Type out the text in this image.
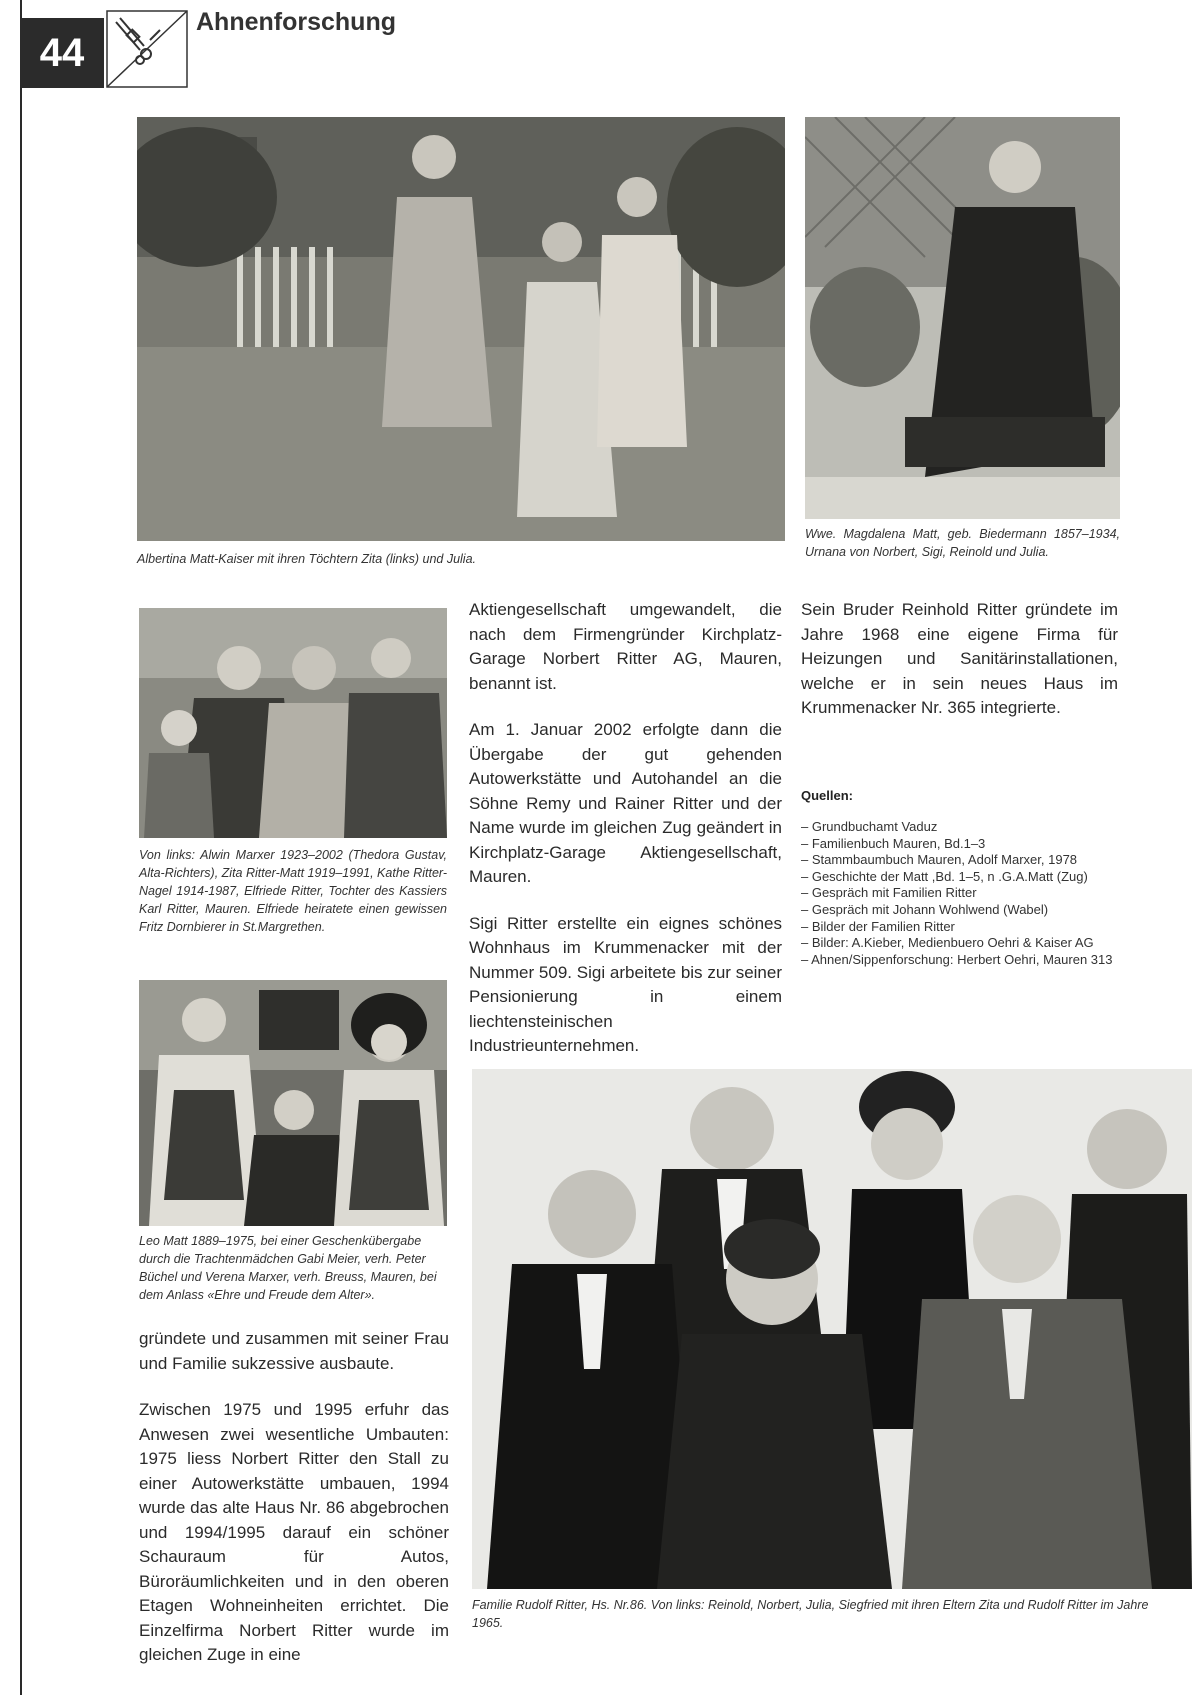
44
Ahnenforschung
Albertina Matt-Kaiser mit ihren Töchtern Zita (links) und Julia.
Wwe. Magdalena Matt, geb. Biedermann 1857–1934, Urnana von Norbert, Sigi, Reinold und Julia.
Von links: Alwin Marxer 1923–2002 (Thedora Gustav, Alta-Richters), Zita Ritter-Matt 1919–1991, Kathe Ritter-Nagel 1914-1987, Elfriede Ritter, Tochter des Kassiers Karl Ritter, Mauren. Elfriede heiratete einen gewissen Fritz Dornbierer in St.Margrethen.
Leo Matt 1889–1975, bei einer Geschenkübergabe durch die Trachtenmädchen Gabi Meier, verh. Peter Büchel und Verena Marxer, verh. Breuss, Mauren, bei dem Anlass «Ehre und Freude dem Alter».

Aktiengesellschaft umgewandelt, die nach dem Firmengründer Kirchplatz-Garage Norbert Ritter AG, Mauren, benannt ist.

Am 1. Januar 2002 erfolgte dann die Übergabe der gut gehenden Autowerkstätte und Autohandel an die Söhne Remy und Rainer Ritter und der Name wurde im gleichen Zug geändert in Kirchplatz-Garage Aktiengesellschaft, Mauren.

Sigi Ritter erstellte ein eignes schönes Wohnhaus im Krummenacker mit der Nummer 509. Sigi arbeitete bis zur seiner Pensionierung in einem liechtensteinischen Industrieunternehmen.

Sein Bruder Reinhold Ritter gründete im Jahre 1968 eine eigene Firma für Heizungen und Sanitärinstallationen, welche er in sein neues Haus im Krummenacker Nr. 365 integrierte.

Quellen:
– Grundbuchamt Vaduz
– Familienbuch Mauren, Bd.1–3
– Stammbaumbuch Mauren, Adolf Marxer, 1978
– Geschichte der Matt ,Bd. 1–5, n .G.A.Matt (Zug)
– Gespräch mit Familien Ritter
– Gespräch mit Johann Wohlwend (Wabel)
– Bilder der Familien Ritter
– Bilder: A.Kieber, Medienbuero Oehri & Kaiser AG
– Ahnen/Sippenforschung: Herbert Oehri, Mauren 313
Familie Rudolf Ritter, Hs. Nr.86. Von links: Reinold, Norbert, Julia, Siegfried mit ihren Eltern Zita und Rudolf Ritter im Jahre 1965.

gründete und zusammen mit seiner Frau und Familie sukzessive ausbaute.

Zwischen 1975 und 1995 erfuhr das Anwesen zwei wesentliche Umbauten: 1975 liess Norbert Ritter den Stall zu einer Autowerkstätte umbauen, 1994 wurde das alte Haus Nr. 86 abgebrochen und 1994/1995 darauf ein schöner Schauraum für Autos, Büroräumlichkeiten und in den oberen Etagen Wohneinheiten errichtet. Die Einzelfirma Norbert Ritter wurde im gleichen Zuge in eine
